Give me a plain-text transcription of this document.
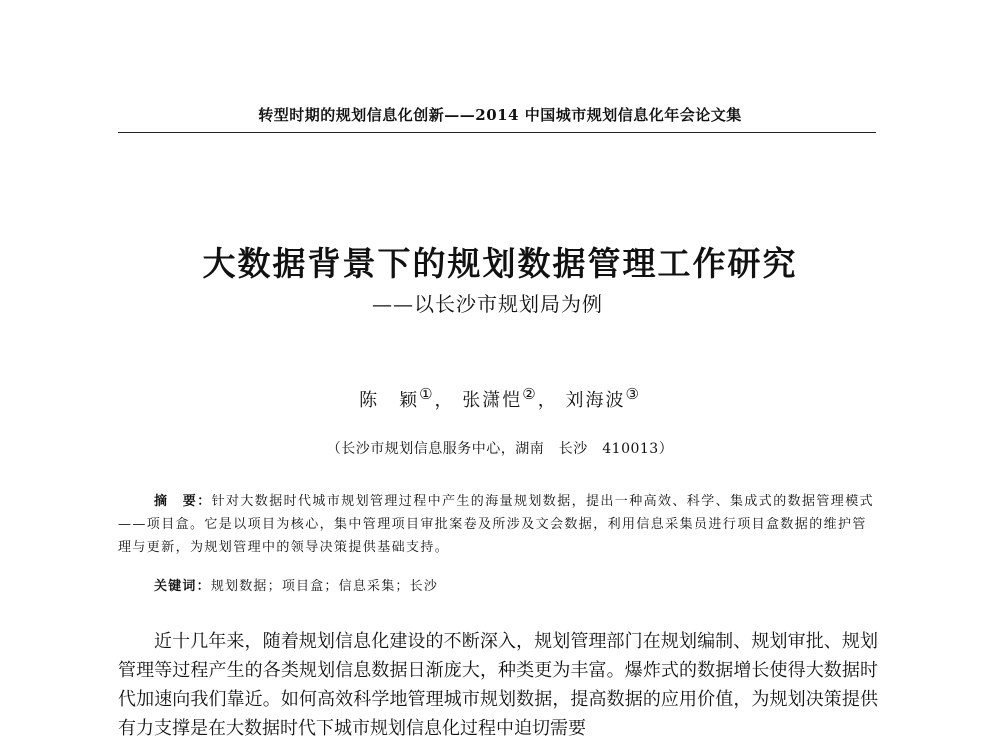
转型时期的规划信息化创新——2014 中国城市规划信息化年会论文集
大数据背景下的规划数据管理工作研究
——以长沙市规划局为例
陈　颖①， 张潇恺②， 刘海波③
（长沙市规划信息服务中心，湖南　长沙　410013）
摘　要：针对大数据时代城市规划管理过程中产生的海量规划数据，提出一种高效、科学、集成式的数据管理模式——项目盒。它是以项目为核心，集中管理项目审批案卷及所涉及文会数据，利用信息采集员进行项目盒数据的维护管理与更新，为规划管理中的领导决策提供基础支持。
关键词：规划数据；项目盒；信息采集；长沙
近十几年来，随着规划信息化建设的不断深入，规划管理部门在规划编制、规划审批、规划管理等过程产生的各类规划信息数据日渐庞大，种类更为丰富。爆炸式的数据增长使得大数据时代加速向我们靠近。如何高效科学地管理城市规划数据，提高数据的应用价值，为规划决策提供有力支撑是在大数据时代下城市规划信息化过程中迫切需要
